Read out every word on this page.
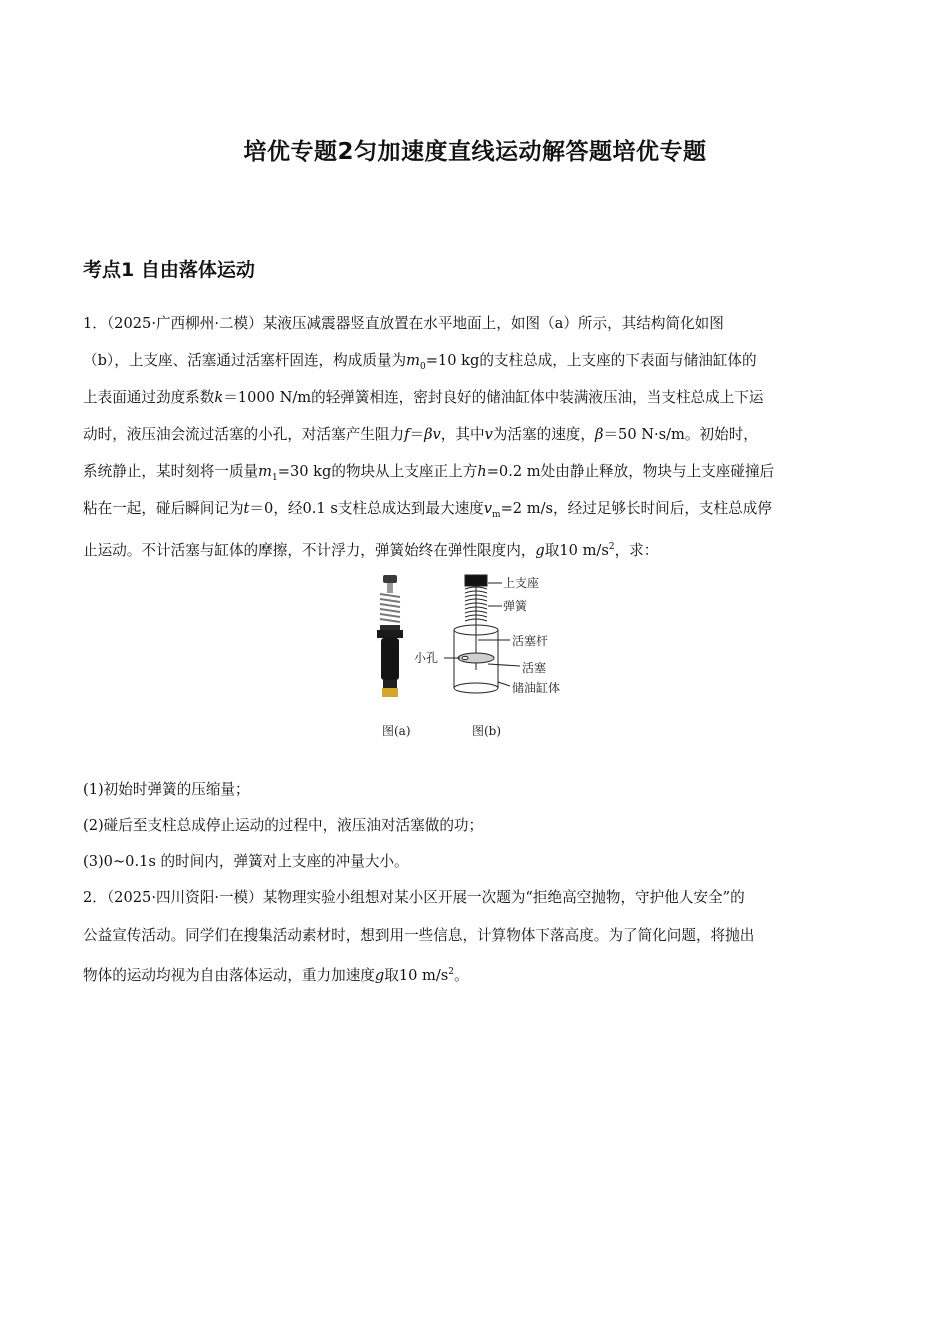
培优专题2匀加速度直线运动解答题培优专题
考点1 自由落体运动
1．（2025·广西柳州·二模）某液压减震器竖直放置在水平地面上，如图（a）所示，其结构简化如图
（b），上支座、活塞通过活塞杆固连，构成质量为$m_0=10$ kg的支柱总成，上支座的下表面与储油缸体的
上表面通过劲度系数k＝1000 N/m的轻弹簧相连，密封良好的储油缸体中装满液压油，当支柱总成上下运
动时，液压油会流过活塞的小孔，对活塞产生阻力f＝βv，其中v为活塞的速度，β＝50 N·s/m。初始时，
系统静止，某时刻将一质量$m_1=30$ kg的物块从上支座正上方h=0.2 m处由静止释放，物块与上支座碰撞后
粘在一起，碰后瞬间记为t＝0，经0.1 s支柱总成达到最大速度$v_m=2$ m/s，经过足够长时间后，支柱总成停
止运动。不计活塞与缸体的摩擦，不计浮力，弹簧始终在弹性限度内，g取10 $m/s^2$，求：
上支座
弹簧
活塞杆
小孔
活塞
储油缸体
图(a)	图(b)
(1)初始时弹簧的压缩量；
(2)碰后至支柱总成停止运动的过程中，液压油对活塞做的功；
(3)0~0.1s 的时间内，弹簧对上支座的冲量大小。
2．（2025·四川资阳·一模）某物理实验小组想对某小区开展一次题为“拒绝高空抛物，守护他人安全”的
公益宣传活动。同学们在搜集活动素材时，想到用一些信息，计算物体下落高度。为了简化问题，将抛出
物体的运动均视为自由落体运动，重力加速度g取10 $m/s^2$。
